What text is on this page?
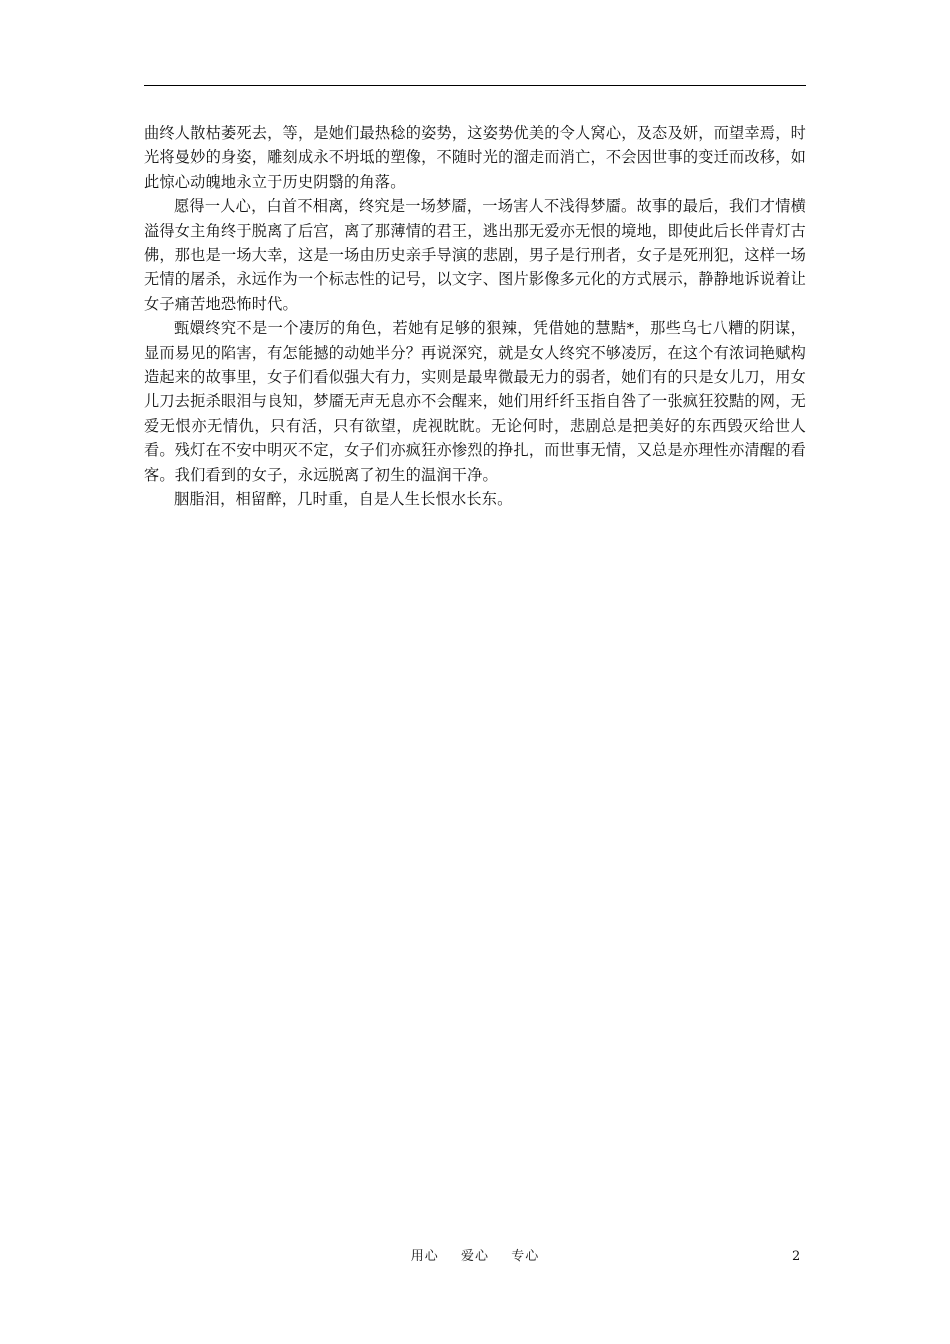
曲终人散枯萎死去，等，是她们最热稔的姿势，这姿势优美的令人窝心，及态及妍，而望幸焉，时光将曼妙的身姿，雕刻成永不坍坻的塑像，不随时光的溜走而消亡，不会因世事的变迁而改移，如此惊心动魄地永立于历史阴翳的角落。

愿得一人心，白首不相离，终究是一场梦靥，一场害人不浅得梦靥。故事的最后，我们才情横溢得女主角终于脱离了后宫，离了那薄情的君王，逃出那无爱亦无恨的境地，即使此后长伴青灯古佛，那也是一场大幸，这是一场由历史亲手导演的悲剧，男子是行刑者，女子是死刑犯，这样一场无情的屠杀，永远作为一个标志性的记号，以文字、图片影像多元化的方式展示，静静地诉说着让女子痛苦地恐怖时代。

甄嬛终究不是一个凄厉的角色，若她有足够的狠辣，凭借她的慧黠*，那些乌七八糟的阴谋，显而易见的陷害，有怎能撼的动她半分？再说深究，就是女人终究不够凌厉，在这个有浓词艳赋构造起来的故事里，女子们看似强大有力，实则是最卑微最无力的弱者，她们有的只是女儿刀，用女儿刀去扼杀眼泪与良知，梦靥无声无息亦不会醒来，她们用纤纤玉指自咎了一张疯狂狡黠的网，无爱无恨亦无情仇，只有活，只有欲望，虎视眈眈。无论何时，悲剧总是把美好的东西毁灭给世人看。残灯在不安中明灭不定，女子们亦疯狂亦惨烈的挣扎，而世事无情，又总是亦理性亦清醒的看客。我们看到的女子，永远脱离了初生的温润干净。

胭脂泪，相留醉，几时重，自是人生长恨水长东。

用心  爱心  专心	2
